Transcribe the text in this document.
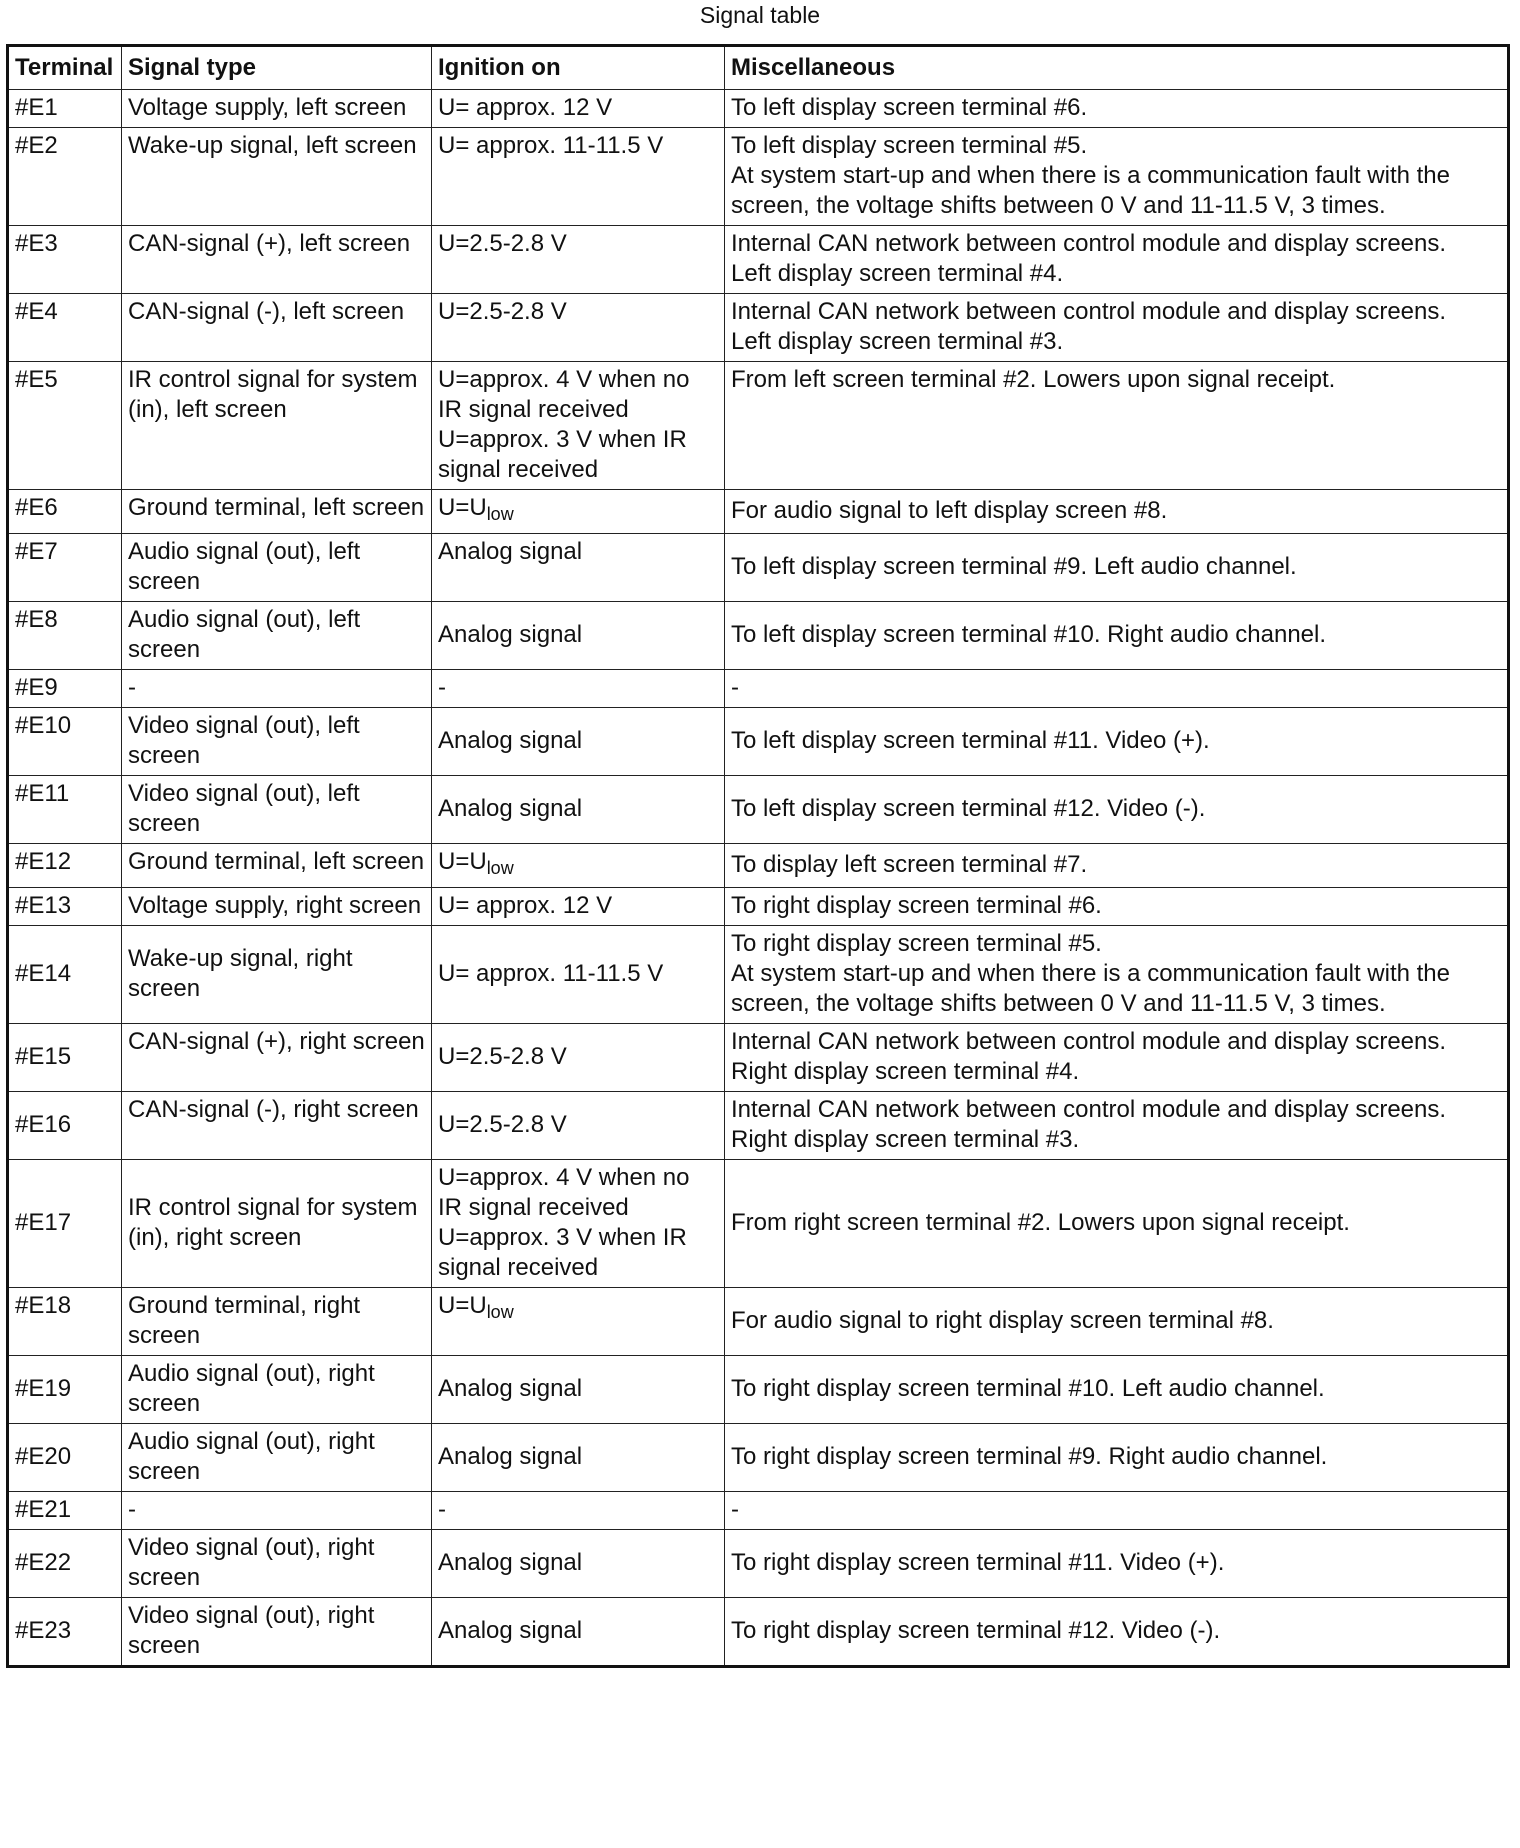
Signal table
Terminal	Signal type	Ignition on	Miscellaneous
#E1	Voltage supply, left screen	U= approx. 12 V	To left display screen terminal #6.
#E2	Wake-up signal, left screen	U= approx. 11-11.5 V	To left display screen terminal #5.
At system start-up and when there is a communication fault with the screen, the voltage shifts between 0 V and 11-11.5 V, 3 times.
#E3	CAN-signal (+), left screen	U=2.5-2.8 V	Internal CAN network between control module and display screens.
Left display screen terminal #4.
#E4	CAN-signal (-), left screen	U=2.5-2.8 V	Internal CAN network between control module and display screens.
Left display screen terminal #3.
#E5	IR control signal for system (in), left screen	U=approx. 4 V when no IR signal received
U=approx. 3 V when IR signal received	From left screen terminal #2. Lowers upon signal receipt.
#E6	Ground terminal, left screen	$U=U_{low}$	For audio signal to left display screen #8.
#E7	Audio signal (out), left screen	Analog signal	To left display screen terminal #9. Left audio channel.
#E8	Audio signal (out), left screen	Analog signal	To left display screen terminal #10. Right audio channel.
#E9	-	-	-
#E10	Video signal (out), left screen	Analog signal	To left display screen terminal #11. Video (+).
#E11	Video signal (out), left screen	Analog signal	To left display screen terminal #12. Video (-).
#E12	Ground terminal, left screen	$U=U_{low}$	To display left screen terminal #7.
#E13	Voltage supply, right screen	U= approx. 12 V	To right display screen terminal #6.
#E14	Wake-up signal, right screen	U= approx. 11-11.5 V	To right display screen terminal #5.
At system start-up and when there is a communication fault with the screen, the voltage shifts between 0 V and 11-11.5 V, 3 times.
#E15	CAN-signal (+), right screen	U=2.5-2.8 V	Internal CAN network between control module and display screens.
Right display screen terminal #4.
#E16	CAN-signal (-), right screen	U=2.5-2.8 V	Internal CAN network between control module and display screens.
Right display screen terminal #3.
#E17	IR control signal for system (in), right screen	U=approx. 4 V when no IR signal received
U=approx. 3 V when IR signal received	From right screen terminal #2. Lowers upon signal receipt.
#E18	Ground terminal, right screen	$U=U_{low}$	For audio signal to right display screen terminal #8.
#E19	Audio signal (out), right screen	Analog signal	To right display screen terminal #10. Left audio channel.
#E20	Audio signal (out), right screen	Analog signal	To right display screen terminal #9. Right audio channel.
#E21	-	-	-
#E22	Video signal (out), right screen	Analog signal	To right display screen terminal #11. Video (+).
#E23	Video signal (out), right screen	Analog signal	To right display screen terminal #12. Video (-).
